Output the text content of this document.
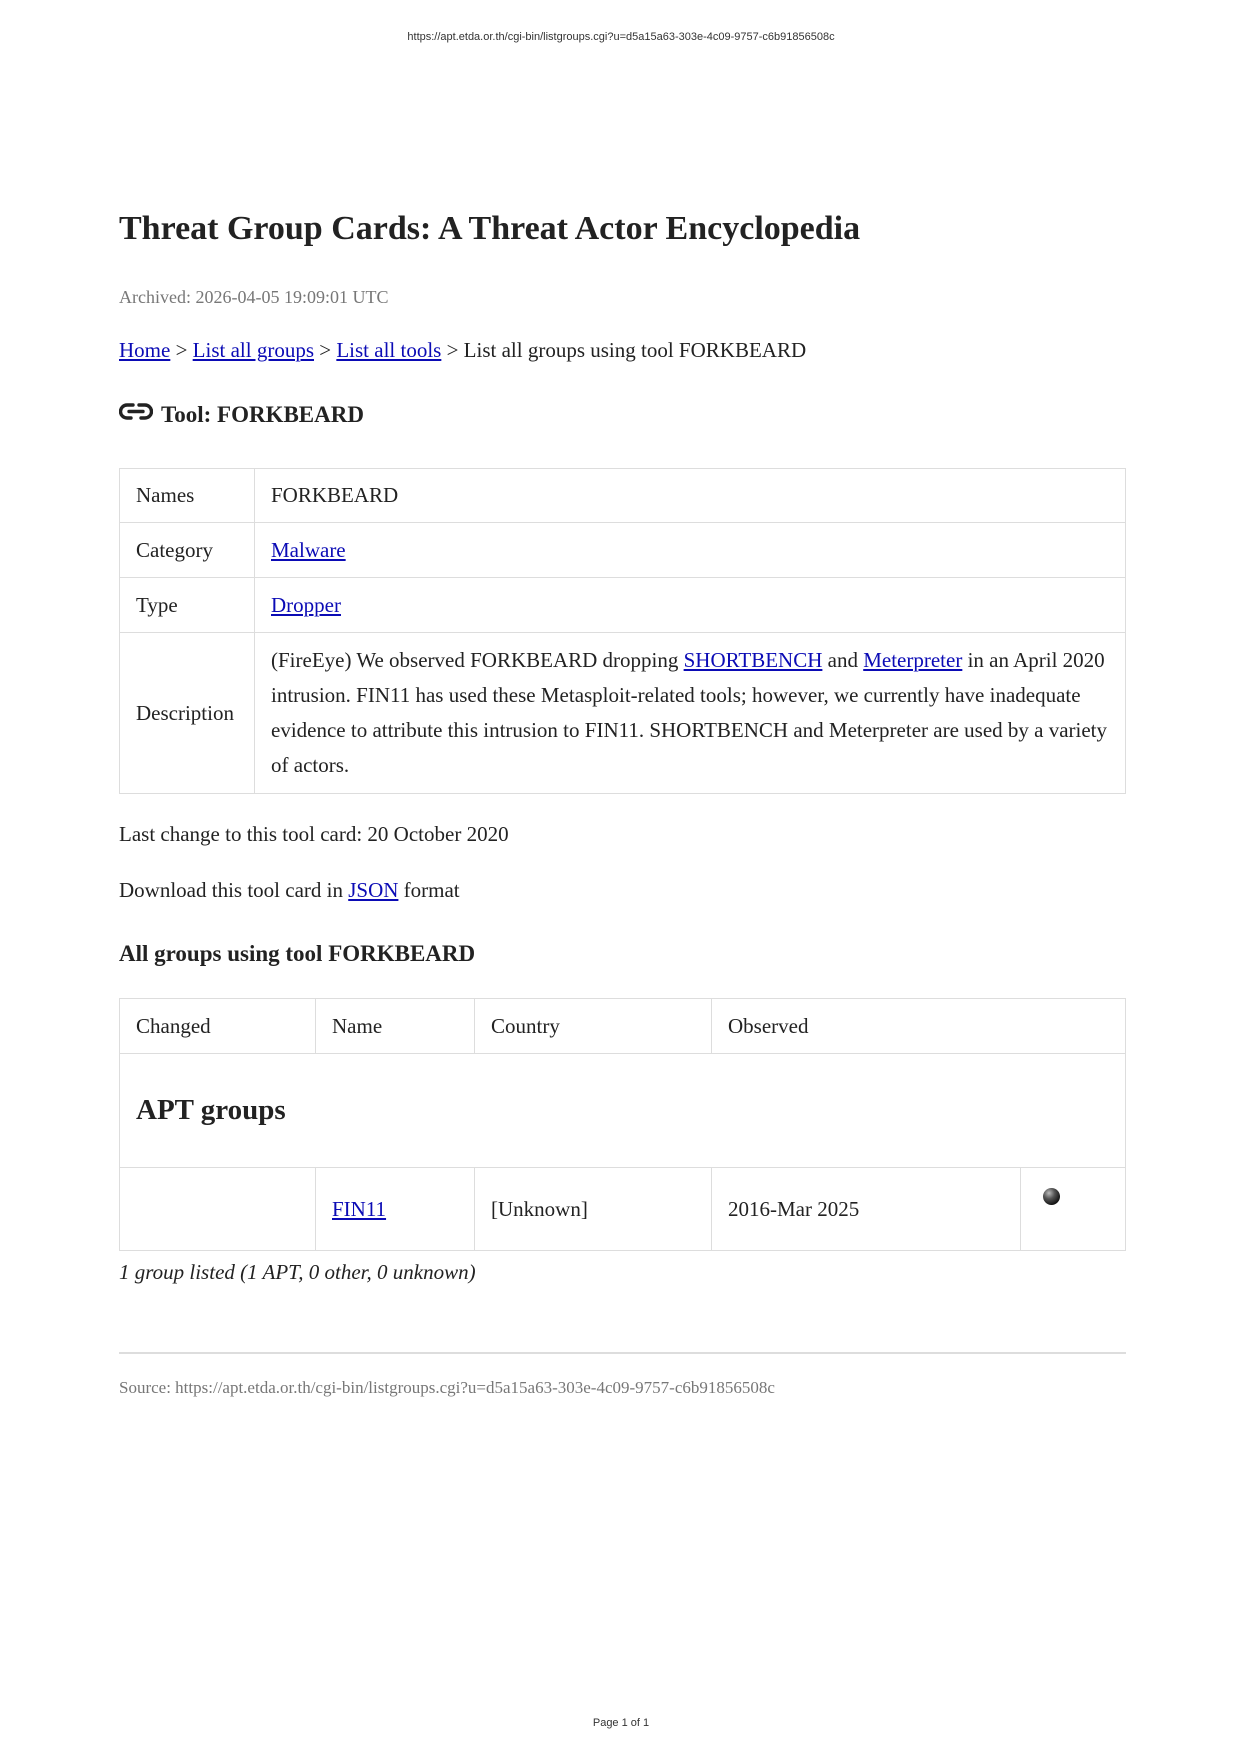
https://apt.etda.or.th/cgi-bin/listgroups.cgi?u=d5a15a63-303e-4c09-9757-c6b91856508c
Threat Group Cards: A Threat Actor Encyclopedia
Archived: 2026-04-05 19:09:01 UTC
Home > List all groups > List all tools > List all groups using tool FORKBEARD
Tool: FORKBEARD
Names	FORKBEARD
Category	Malware
Type	Dropper
Description	(FireEye) We observed FORKBEARD dropping SHORTBENCH and Meterpreter in an April 2020 intrusion. FIN11 has used these Metasploit-related tools; however, we currently have inadequate evidence to attribute this intrusion to FIN11. SHORTBENCH and Meterpreter are used by a variety of actors.
Last change to this tool card: 20 October 2020
Download this tool card in JSON format
All groups using tool FORKBEARD
Changed	Name	Country	Observed	
APT groups				
	FIN11	[Unknown]	2016-Mar 2025	
1 group listed (1 APT, 0 other, 0 unknown)
Source: https://apt.etda.or.th/cgi-bin/listgroups.cgi?u=d5a15a63-303e-4c09-9757-c6b91856508c
Page 1 of 1
